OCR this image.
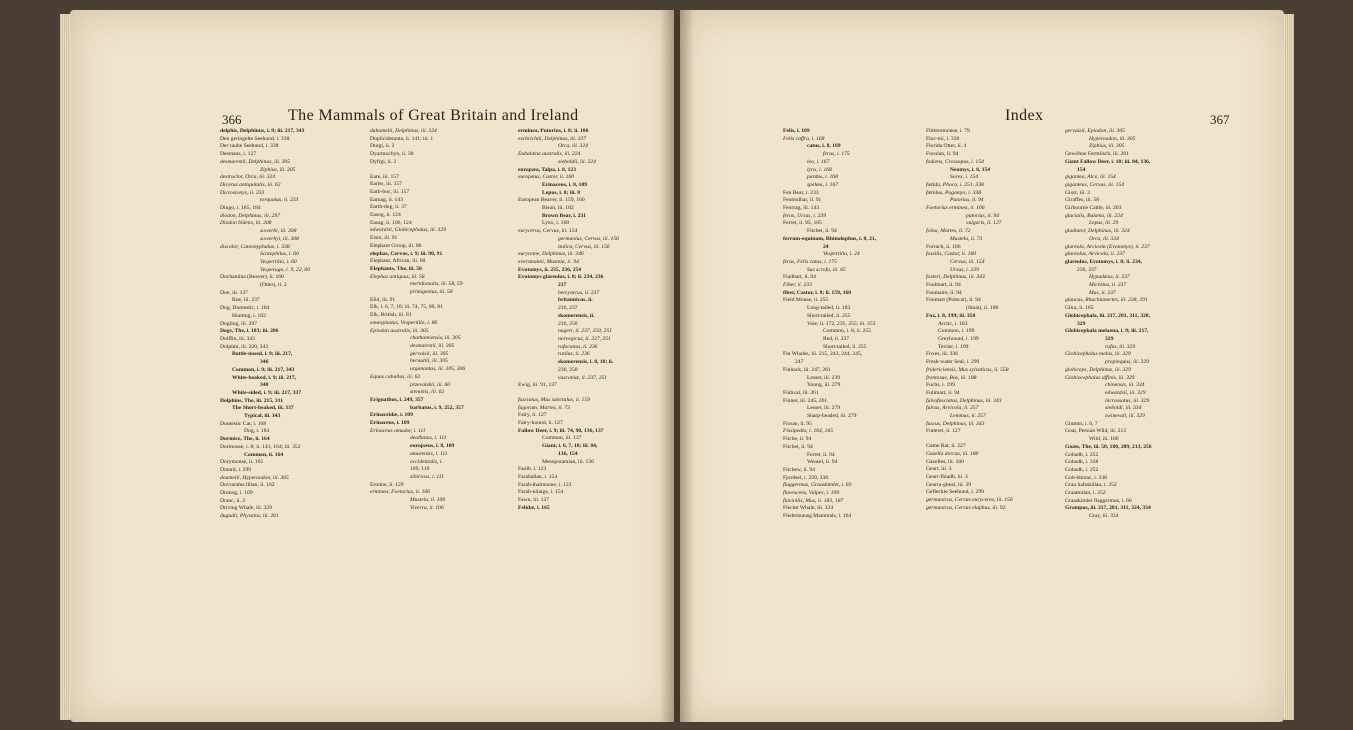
366	The Mammals of Great Britain and Ireland
delphis, Delphinus, i. 9; iii. 217, 343
Den geringelte Seehund, i. 338
Der raube Seehund, i. 338
Desmans, i. 127
desmarestii, Delphinus, iii. 305
Ziphius, iii. 305
destructor, Orca, iii. 324
Dicerus antiquitatis, iii. 62
Dicrostonyx, ii. 233
torquatus, ii. 233
Dingo, i. 185, 184
diodon, Delphinus, iii. 297
Diodon bidens, iii. 308
sowerbi, iii. 308
sowerbyi, iii. 308
discolor, Cateonyphalus, i. 338
Scotophilus, i. 60
Vespertilio, i. 60
Vesperugo, i. 9, 22, 60
Dochamina (Beaver), ii. 160
(Otter), ii. 2
Doe, iii. 137
Roe, iii. 237
Dog, Domestic, i. 184
Hunting, i. 182
Dogling, iii. 297
Dogs, The, i. 183; iii. 206
Dolffin, iii. 343
Dolphin, iii. 220, 343
Bottle-nosed, i. 9; iii. 217,
346
Common, i. 9; iii. 217, 343
White-beaked, i. 9; iii. 217,
340
White-sided, i. 9; iii. 217, 337
Dolphins, The, iii. 215, 311
The Short-beaked, iii. 337
Typical, iii. 343
Domestic Cat, i. 168
Dog, i. 184
Dormice, The, ii. 164
Dormouse, i. 8; ii. 141, 164; iii. 352
Common, ii. 164
Dorymouse, ii. 165
Dotard, i. 299
doumetii, Hyperoodon, iii. 305
Dovrandus lillan, ii. 162
Drunog, i. 109
Dranc, ii. 2
Driving Whale, iii. 329
dugudii, Physalus, iii. 261
duhamelii, Delphinus, iii. 324
Duplicidentata, ii. 141; iii. 1
Durgi, ii. 2
Dyarmochyn, ii. 38
Dyfrgi, ii. 2
Eare, iii. 157
Earbo, iii. 157
Earb-boc, iii. 157
Earnag, ii. 143
Earth-dog, ii. 37
Easog, ii. 124
Easag, ii. 106, 124
edwardsii, Globicephalus, iii. 329
Eisin, iii. 91
Elephant Group, iii. 86
elephas, Cervus, i. 9; iii. 90, 91
Elephant, African, iii. 60
Elephants, The, iii. 58
Elephas antiquus, iii. 58
meridionalis, iii. 58, 59
primigenius, iii. 58
Elid, iii. 91
Elk, i. 6, 7, 10; iii. 74, 75, 80, 81
Elk, British, iii. 81
emarginatus, Vespertilio, i. 86
Epiodon australis, iii. 305
chathamiensis, iii. 305
desmarestii, iii. 305
gervaisii, iii. 305
heraultii, iii. 305
urganantus, iii. 305, 306
Equus caballus, iii. 62
przevalskii, iii. 60
stenonis, iii. 62
Erignathus, i. 249, 357
barbatus, i. 9, 252, 357
Erinaceidæ, i. 109
Erinaceus, i. 109
Erinaceus amudor, i. 111
dealbatus, i. 111
europæus, i. 8, 109
amurensis, i. 111
occidentalis, i.
109, 110
sibiricus, i. 111
Ermine, ii. 129
erminea, Foetorius, ii. 106
Mustela, ii. 106
Viverra, ii. 106
erminea, Putorius, i. 8; ii. 106
eschrichtii, Delphinus, iii. 337
Orca, iii. 324
Eubalæna australis, iii. 224
sieboldii, iii. 224
europæa, Talpa, i. 8, 123
europæus, Castor, ii. 160
Erinaceus, i. 8, 109
Lepus, i. 8; iii. 8
European Beaver, ii. 159, 160
Bison, iii. 182
Brown Bear, i. 231
Lynx, i. 168
eurycerus, Cervus, iii. 154
germanius, Cervus, iii. 156
italica, Cervus, iii. 156
euryrome, Delphinus, iii. 346
eversmanni, Mustela, ii. 94
Evotomys, ii. 235, 236, 254
Evotomys glareolus, i. 8; ii. 234, 236
237
hercynicus, ii. 237
britannicus, ii.
236, 237
skomerensis, ii.
236, 250
nageri, ii. 237, 250, 251
norvegicus, ii. 237, 251
rufocanus, ii. 236
rutilus, ii. 236
skomerensis, i. 8, 10; ii.
236, 250
vasconiæ, ii. 237, 251
Ewig, iii. 91, 137
fasciatus, Mus sanctulus, ii. 159
fagorum, Martes, ii. 73
Fairy, ii. 127
Fairy-hound, ii. 127
Fallow Deer, i. 9; iii. 74, 90, 136, 137
Common, iii. 137
Giant, i. 6, 7, 10; iii. 84,
136, 154
Mesopotamian, iii. 136
Faolb, i. 123
Faraballan, i. 154
Farah-thalmaone, i. 123
Farah-uilaige, i. 154
Fawn, iii. 137
Felidæ, i. 165
Index	367
Felis, i. 169
Felis caffra, i. 168
catus, i. 8, 169
ferus, i. 175
leo, i. 167
lynx, i. 168
pardus, i. 168
spelæa, i. 167
Fen Bear, i. 233
Feomulhar, ii. 91
Feorrag, iii. 143
ferox, Ursus, i. 239
Ferret, ii. 95, 105
Fitchet, ii. 94
ferrum-equinum, Rhinolophus, i. 8, 21,
24
Vespertilio, i. 24
ferus, Felis catus, i. 175
Sus scrofa, iii. 65
Fiadbart, ii. 94
Fiber, ii. 233
fiber, Castor, i. 8; ii. 159, 160
Field Mouse, ii. 255
Long-tailed, ii. 183
Short-tailed, ii. 255
Vole, ii. 172, 235, 255; iii. 353
Common, i. 8; ii. 255
Red, ii. 237
Short-tailed, ii. 255
Fin Whales, iii. 215, 243, 244, 245,
247
Finback, iii. 247, 261
Lesser, iii. 239
Young, iii. 279
Finbval, iii. 261
Finner, iii. 245, 261
Lesser, iii. 279
Sharp-headed, iii. 279
Fiorao, ii. 95
Fissipedia, i. 164, 165
Fitche, ii. 94
Fitchet, ii. 94
Ferret, ii. 94
Weasel, ii. 94
Fitchew, ii. 94
Fjordsel, i. 239, 338
flaggermus, Graaskimlet, i. 60
flavescens, Vulpes, i. 199
flaviollis, Mus, ii. 183, 187
Flecktt Whale, iii. 324
Fledermausg Mammals, i. 164
Flitteromouse, i. 79
Floc-mi, i. 338
Florida Otter, ii. 4
Foculan, ii. 94
fodiens, Crossopus, i. 154
Neomys, i. 8, 154
Sorex, i. 154
fœtida, Phoca, i. 251, 338
fœtidus, Pagomys, i. 338
Putorius, ii. 94
Foetorius erminea, ii. 106
putorius, ii. 94
vulgaris, ii. 127
foina, Martes, ii. 72
Mustela, ii. 73
Forrach, ii. 106
fossilis, Castor, ii. 160
Cervus, iii. 154
Ursus, i. 239
fosteri, Delphinus, iii. 343
Foulmart, ii. 94
Foumaire, ii. 94
Foumart (Polecat), ii. 94
(Stoat), ii. 106
Fox, i. 8, 199; iii. 350
Arctic, i. 183
Common, i. 199
Greyhound, i. 199
Terrier, i. 199
Foxes, iii. 336
Fresh-water Seal, i. 299
fridericiensis, Mus sylvaticus, ii. 558
frontosus, Bos, iii. 188
Fuchs, i. 199
Fulimart, ii. 94
fulvofasciatus, Delphinus, iii. 343
fulvus, Arvicola, ii. 257
Lemmus, ii. 257
fuscus, Delphinus, iii. 343
Futteret, ii. 127
Game Rat, ii. 227
Gazella dorcas, iii. 180
Gazelles, iii. 180
Gearr, iii. 3
Gearr-fhiadh, iii. 3
Gearra-gheal, iii. 29
Gefleckte Seehund, i. 299
germanicus, Cervus euryceros, iii. 156
germanicus, Cervus elaphus, iii. 92
gervaisii, Epiodon, iii. 305
Hyperoodon, iii. 305
Ziphius, iii. 305
Gewöhne Fermilsch, iii. 261
Giant Fallow Deer, i. 10; iii. 84, 136,
154
gigantea, Alce, iii. 154
giganteus, Cervus, iii. 154
Giorr, iii. 3
Giraffes, iii. 58
Girbourne Cattle, iii. 203
glacialis, Balæna, iii. 224
Lepus, iii. 29
gladiator, Delphinus, iii. 324
Orca, iii. 324
glareola, Arvicola (Evotomys), ii. 237
glareolus, Arvicola, ii. 237
glareolus, Evotomys, i. 8; ii. 234,
236, 237
Hypudæus, ii. 237
Microtus, ii. 237
Mus, ii. 237
glaucus, Rhachianectes, iii. 238, 291
Glira, ii. 165
Globicephala, iii. 217, 281, 311, 328,
329
Globicephala melaena, i. 9; iii. 217,
329
rufus, iii. 329
Globicephalus melas, iii. 329
propinquus, iii. 329
globiceps, Delphinus, iii. 329
Globiocephalus affinis, iii. 329
chinensis, iii. 334
edwardsii, iii. 329
incrassatus, iii. 329
sieboldi, iii. 334
swinevali, iii. 329
Glutton, i. 6, 7
Goat, Persian Wild, iii. 213
Wild, iii. 180
Goats, The, iii. 58, 180, 209, 213, 256
Gobadh, i. 252
Gobadh, i. 338
Gobadh, i. 252
Gob-bhreac, i. 338
Grau hafsskälan, i. 252
Graatmilan, i. 252
Graaskimlet flaggermus, i. 60
Grampus, iii. 217, 281, 311, 324, 334
Gray, iii. 334
